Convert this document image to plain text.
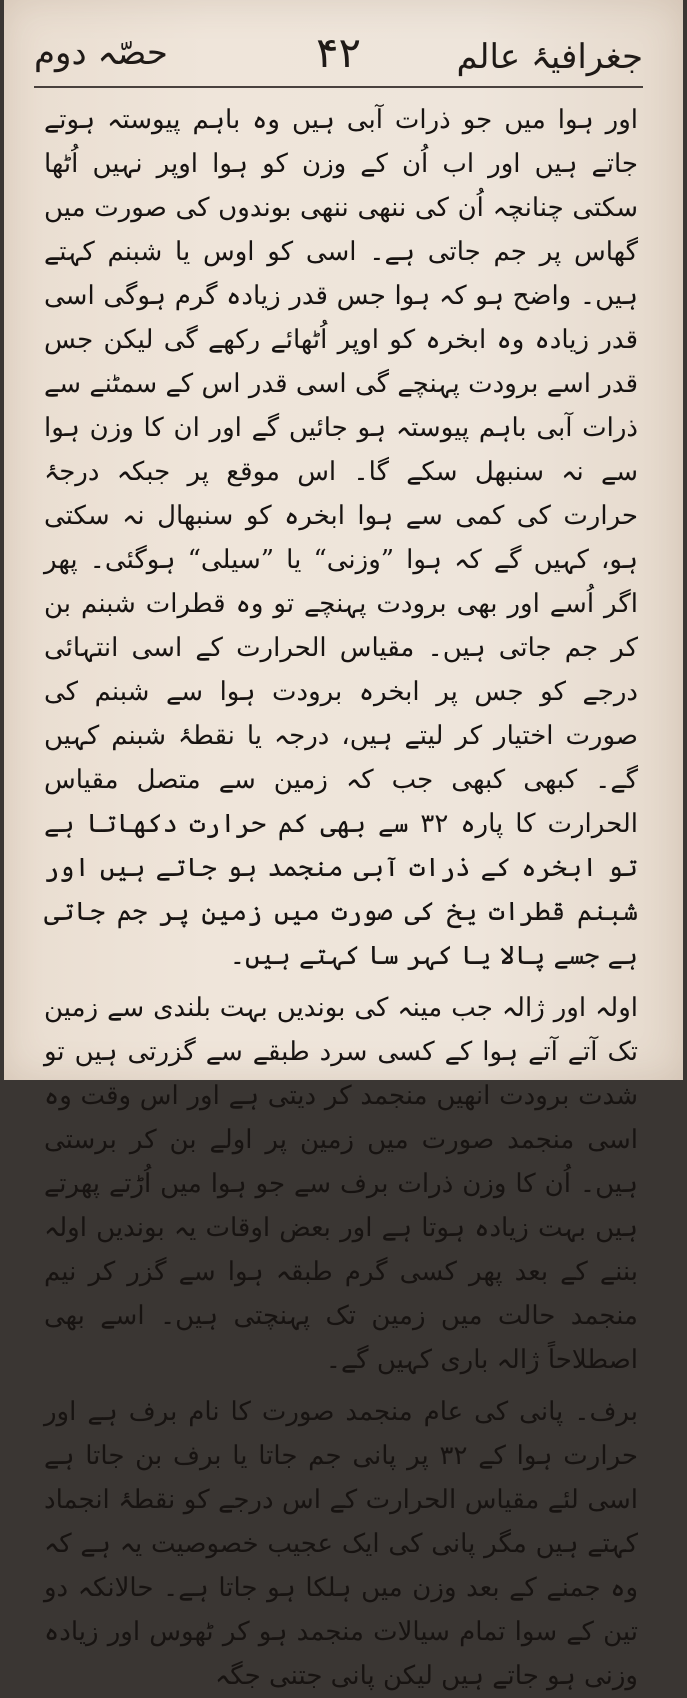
جغرافیۂ عالم
۴۲
حصّہ دوم

اور ہوا میں جو ذرات آبی ہیں وہ باہم پیوستہ ہوتے جاتے ہیں اور اب اُن کے وزن کو ہوا اوپر نہیں اُٹھا سکتی چنانچہ اُن کی ننھی ننھی بوندوں کی صورت میں گھاس پر جم جاتی ہے۔ اسی کو اوس یا شبنم کہتے ہیں۔ واضح ہو کہ ہوا جس قدر زیادہ گرم ہوگی اسی قدر زیادہ وہ ابخرہ کو اوپر اُٹھائے رکھے گی لیکن جس قدر اسے برودت پہنچے گی اسی قدر اس کے سمٹنے سے ذرات آبی باہم پیوستہ ہو جائیں گے اور ان کا وزن ہوا سے نہ سنبھل سکے گا۔ اس موقع پر جبکہ درجۂ حرارت کی کمی سے ہوا ابخرہ کو سنبھال نہ سکتی ہو، کہیں گے کہ ہوا ”وزنی“ یا ”سیلی“ ہوگئی۔ پھر اگر اُسے اور بھی برودت پہنچے تو وہ قطرات شبنم بن کر جم جاتی ہیں۔ مقیاس الحرارت کے اسی انتہائی درجے کو جس پر ابخرہ برودت ہوا سے شبنم کی صورت اختیار کر لیتے ہیں، درجہ یا نقطۂ شبنم کہیں گے۔ کبھی کبھی جب کہ زمین سے متصل مقیاس الحرارت کا پارہ ۳۲ سے بھی کم حرارت دکھاتا ہے تو ابخرہ کے ذرات آبی منجمد ہو جاتے ہیں اور شبنم قطرات یخ کی صورت میں زمین پر جم جاتی ہے جسے پالا یا کہر سا کہتے ہیں۔

اولہ اور ژالہ جب مینہ کی بوندیں بہت بلندی سے زمین تک آتے آتے ہوا کے کسی سرد طبقے سے گزرتی ہیں تو شدت برودت انھیں منجمد کر دیتی ہے اور اس وقت وہ اسی منجمد صورت میں زمین پر اولے بن کر برستی ہیں۔ اُن کا وزن ذرات برف سے جو ہوا میں اُڑتے پھرتے ہیں بہت زیادہ ہوتا ہے اور بعض اوقات یہ بوندیں اولہ بننے کے بعد پھر کسی گرم طبقہ ہوا سے گزر کر نیم منجمد حالت میں زمین تک پہنچتی ہیں۔ اسے بھی اصطلاحاً ژالہ باری کہیں گے۔

برف۔ پانی کی عام منجمد صورت کا نام برف ہے اور حرارت ہوا کے ۳۲ پر پانی جم جاتا یا برف بن جاتا ہے اسی لئے مقیاس الحرارت کے اس درجے کو نقطۂ انجماد کہتے ہیں مگر پانی کی ایک عجیب خصوصیت یہ ہے کہ وہ جمنے کے بعد وزن میں ہلکا ہو جاتا ہے۔ حالانکہ دو تین کے سوا تمام سیالات منجمد ہو کر ٹھوس اور زیادہ وزنی ہو جاتے ہیں لیکن پانی جتنی جگہ
